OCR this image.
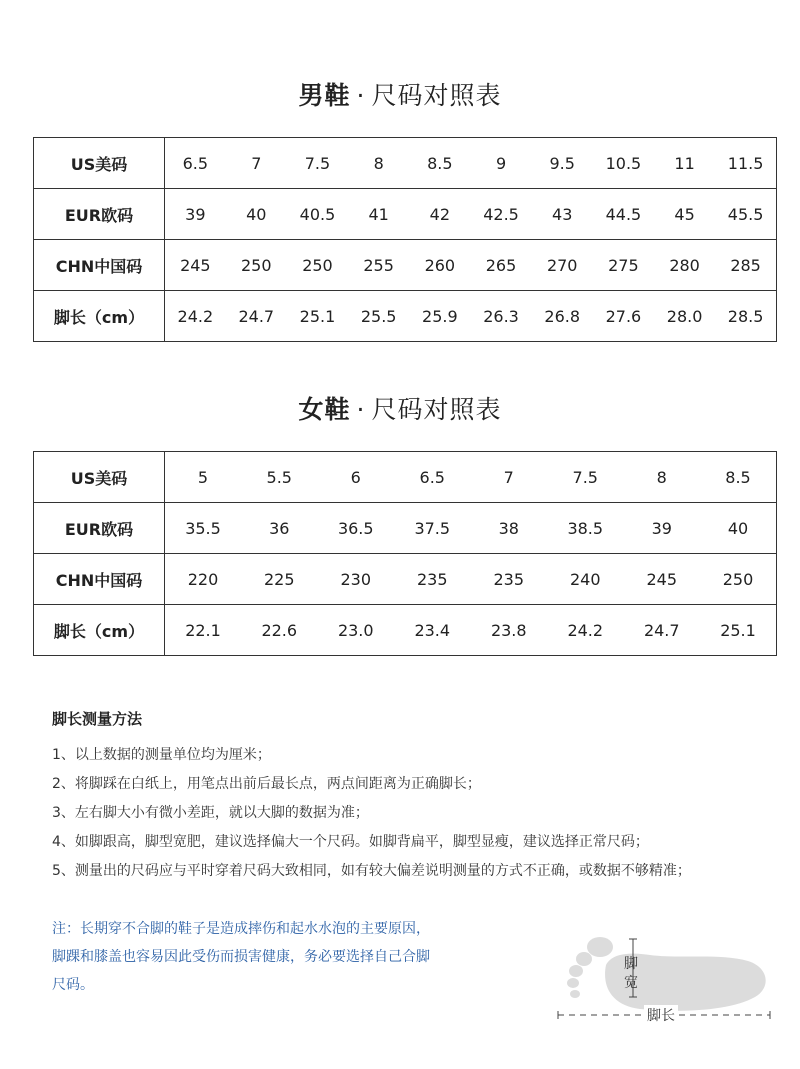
男鞋 · 尺码对照表
US美码	6.5	7	7.5	8	8.5	9	9.5	10.5	11	11.5
EUR欧码	39	40	40.5	41	42	42.5	43	44.5	45	45.5
CHN中国码	245	250	250	255	260	265	270	275	280	285
脚长（cm）	24.2	24.7	25.1	25.5	25.9	26.3	26.8	27.6	28.0	28.5
女鞋 · 尺码对照表
US美码	5	5.5	6	6.5	7	7.5	8	8.5
EUR欧码	35.5	36	36.5	37.5	38	38.5	39	40
CHN中国码	220	225	230	235	235	240	245	250
脚长（cm）	22.1	22.6	23.0	23.4	23.8	24.2	24.7	25.1
脚长测量方法

1、以上数据的测量单位均为厘米；

2、将脚踩在白纸上，用笔点出前后最长点，两点间距离为正确脚长；

3、左右脚大小有微小差距，就以大脚的数据为准；

4、如脚跟高，脚型宽肥，建议选择偏大一个尺码。如脚背扁平，脚型显瘦，建议选择正常尺码；

5、测量出的尺码应与平时穿着尺码大致相同，如有较大偏差说明测量的方式不正确，或数据不够精准；

注：长期穿不合脚的鞋子是造成摔伤和起水水泡的主要原因，
脚踝和膝盖也容易因此受伤而损害健康，务必要选择自己合脚
尺码。
脚宽
脚长
